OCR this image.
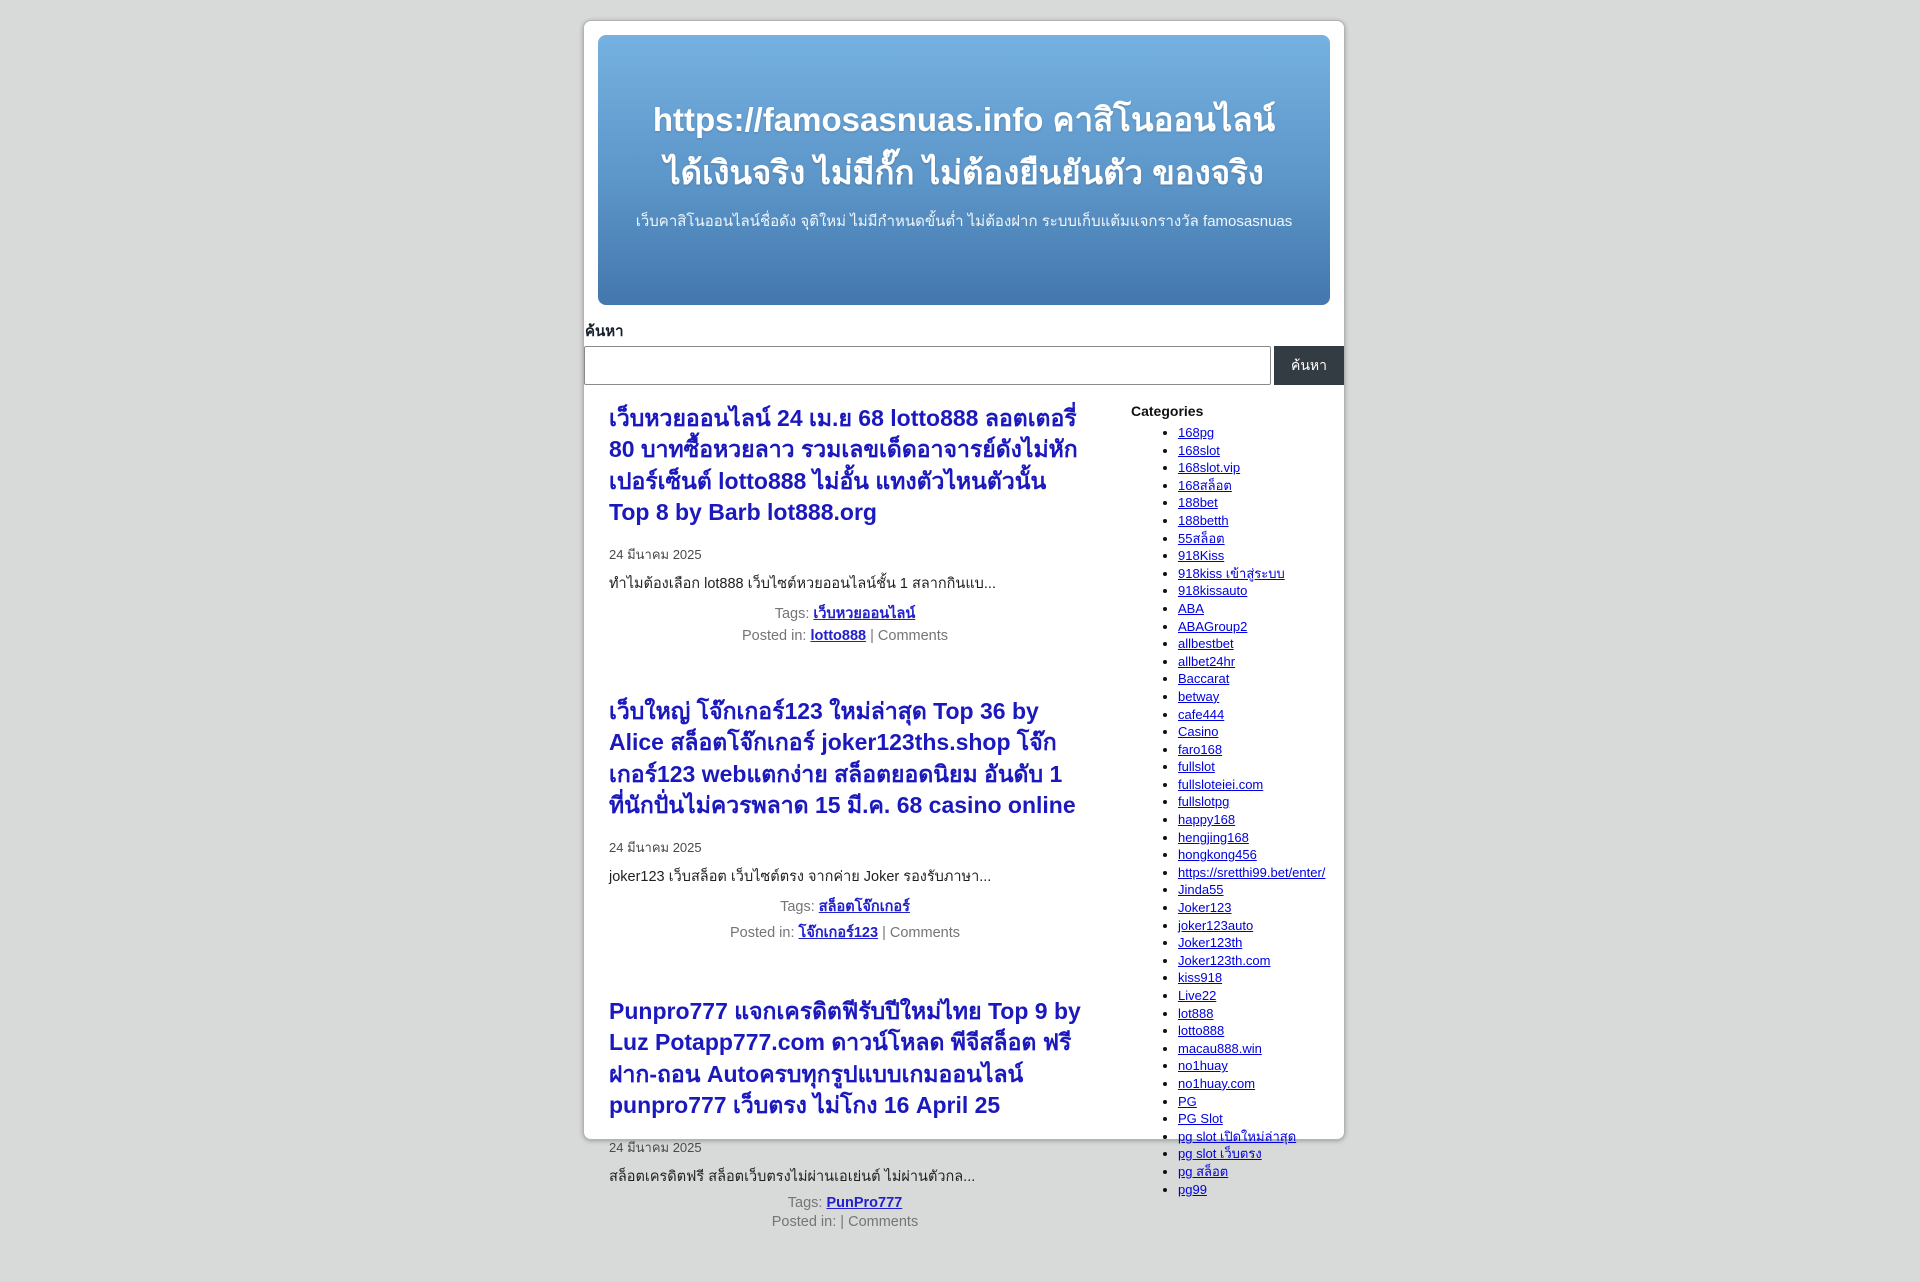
https://famosasnuas.info คาสิโนออนไลน์ได้เงินจริง ไม่มีกั๊ก ไม่ต้องยืนยันตัว ของจริง
เว็บคาสิโนออนไลน์ชื่อดัง จุติใหม่ ไม่มีกำหนดขั้นต่ำ ไม่ต้องฝาก ระบบเก็บแต้มแจกรางวัล famosasnuas
ค้นหา
ค้นหา
เว็บหวยออนไลน์ 24 เม.ย 68 lotto888 ลอตเตอรี่ 80 บาทซื้อหวยลาว รวมเลขเด็ดอาจารย์ดังไม่หักเปอร์เซ็นต์ lotto888 ไม่อั้น แทงตัวไหนตัวนั้น Top 8 by Barb lot888.org
24 มีนาคม 2025
ทำไมต้องเลือก lot888 เว็บไซต์หวยออนไลน์ชั้น 1 สลากกินแบ...
Tags: เว็บหวยออนไลน์
Posted in: lotto888 | Comments
เว็บใหญ่ โจ๊กเกอร์123 ใหม่ล่าสุด Top 36 by Alice สล็อตโจ๊กเกอร์ joker123ths.shop โจ๊กเกอร์123 webแตกง่าย สล็อตยอดนิยม อันดับ 1 ที่นักปั่นไม่ควรพลาด 15 มี.ค. 68 casino online
24 มีนาคม 2025
joker123 เว็บสล็อต เว็บไซต์ตรง จากค่าย Joker รองรับภาษา...
Tags: สล็อตโจ๊กเกอร์
Posted in: โจ๊กเกอร์123 | Comments
Punpro777 แจกเครดิตฟีรับปีใหม่ไทย Top 9 by Luz Potapp777.com ดาวน์โหลด พีจีสล็อต ฟรี ฝาก-ถอน Autoครบทุกรูปแบบเกมออนไลน์ punpro777 เว็บตรง ไม่โกง 16 April 25
24 มีนาคม 2025
สล็อตเครดิตฟรี สล็อตเว็บตรงไม่ผ่านเอเย่นต์ ไม่ผ่านตัวกล...
Tags: PunPro777
Posted in: | Comments
Categories
• 168pg
• 168slot
• 168slot.vip
• 168สล็อต
• 188bet
• 188betth
• 55สล็อต
• 918Kiss
• 918kiss เข้าสู่ระบบ
• 918kissauto
• ABA
• ABAGroup2
• allbestbet
• allbet24hr
• Baccarat
• betway
• cafe444
• Casino
• faro168
• fullslot
• fullsloteiei.com
• fullslotpg
• happy168
• hengjing168
• hongkong456
• https://sretthi99.bet/enter/
• Jinda55
• Joker123
• joker123auto
• Joker123th
• Joker123th.com
• kiss918
• Live22
• lot888
• lotto888
• macau888.win
• no1huay
• no1huay.com
• PG
• PG Slot
• pg slot เปิดใหม่ล่าสุด
• pg slot เว็บตรง
• pg สล็อต
• pg99
